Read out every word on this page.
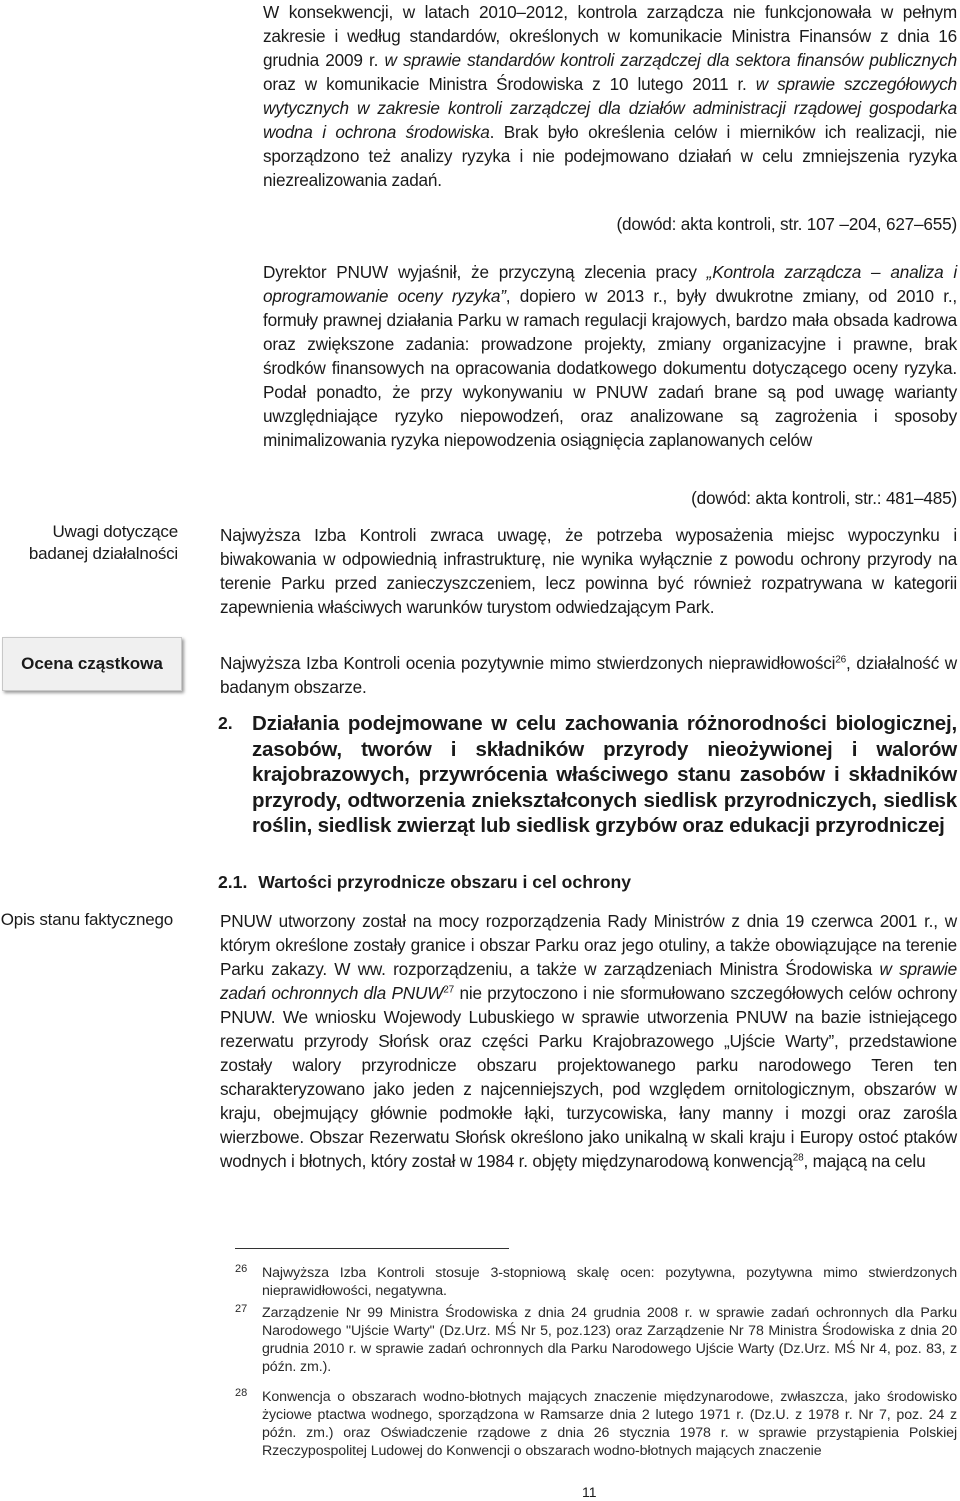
W konsekwencji, w latach 2010–2012, kontrola zarządcza nie funkcjonowała w pełnym zakresie i według standardów, określonych w komunikacie Ministra Finansów z dnia 16 grudnia 2009 r. w sprawie standardów kontroli zarządczej dla sektora finansów publicznych oraz w komunikacie Ministra Środowiska z 10 lutego 2011 r. w sprawie szczegółowych wytycznych w zakresie kontroli zarządczej dla działów administracji rządowej gospodarka wodna i ochrona środowiska. Brak było określenia celów i mierników ich realizacji, nie sporządzono też analizy ryzyka i nie podejmowano działań w celu zmniejszenia ryzyka niezrealizowania zadań.
(dowód: akta kontroli, str. 107 –204, 627–655)
Dyrektor PNUW wyjaśnił, że przyczyną zlecenia pracy „Kontrola zarządcza – analiza i oprogramowanie oceny ryzyka”, dopiero w 2013 r., były dwukrotne zmiany, od 2010 r., formuły prawnej działania Parku w ramach regulacji krajowych, bardzo mała obsada kadrowa oraz zwiększone zadania: prowadzone projekty, zmiany organizacyjne i prawne, brak środków finansowych na opracowania dodatkowego dokumentu dotyczącego oceny ryzyka. Podał ponadto, że przy wykonywaniu w PNUW zadań brane są pod uwagę warianty uwzględniające ryzyko niepowodzeń, oraz analizowane są zagrożenia i sposoby minimalizowania ryzyka niepowodzenia osiągnięcia zaplanowanych celów
(dowód: akta kontroli, str.: 481–485)
Uwagi dotyczące badanej działalności
Ocena cząstkowa
Opis stanu faktycznego
Najwyższa Izba Kontroli zwraca uwagę, że potrzeba wyposażenia miejsc wypoczynku i biwakowania w odpowiednią infrastrukturę, nie wynika wyłącznie z powodu ochrony przyrody na terenie Parku przed zanieczyszczeniem, lecz powinna być również rozpatrywana w kategorii zapewnienia właściwych warunków turystom odwiedzającym Park.
Najwyższa Izba Kontroli ocenia pozytywnie mimo stwierdzonych nieprawidłowości$^{26}$, działalność w badanym obszarze.
2. Działania podejmowane w celu zachowania różnorodności biologicznej, zasobów, tworów i składników przyrody nieożywionej i walorów krajobrazowych, przywrócenia właściwego stanu zasobów i składników przyrody, odtworzenia zniekształconych siedlisk przyrodniczych, siedlisk roślin, siedlisk zwierząt lub siedlisk grzybów oraz edukacji przyrodniczej
2.1. Wartości przyrodnicze obszaru i cel ochrony
PNUW utworzony został na mocy rozporządzenia Rady Ministrów z dnia 19 czerwca 2001 r., w którym określone zostały granice i obszar Parku oraz jego otuliny, a także obowiązujące na terenie Parku zakazy. W ww. rozporządzeniu, a także w zarządzeniach Ministra Środowiska w sprawie zadań ochronnych dla PNUW$^{27}$ nie przytoczono i nie sformułowano szczegółowych celów ochrony PNUW. We wniosku Wojewody Lubuskiego w sprawie utworzenia PNUW na bazie istniejącego rezerwatu przyrody Słońsk oraz części Parku Krajobrazowego „Ujście Warty”, przedstawione zostały walory przyrodnicze obszaru projektowanego parku narodowego Teren ten scharakteryzowano jako jeden z najcenniejszych, pod względem ornitologicznym, obszarów w kraju, obejmujący głównie podmokłe łąki, turzycowiska, łany manny i mozgi oraz zarośla wierzbowe. Obszar Rezerwatu Słońsk określono jako unikalną w skali kraju i Europy ostoć ptaków wodnych i błotnych, który został w 1984 r. objęty międzynarodową konwencją$^{28}$, mającą na celu
26 Najwyższa Izba Kontroli stosuje 3-stopniową skalę ocen: pozytywna, pozytywna mimo stwierdzonych nieprawidłowości, negatywna.
27 Zarządzenie Nr 99 Ministra Środowiska z dnia 24 grudnia 2008 r. w sprawie zadań ochronnych dla Parku Narodowego "Ujście Warty" (Dz.Urz. MŚ Nr 5, poz.123) oraz Zarządzenie Nr 78 Ministra Środowiska z dnia 20 grudnia 2010 r. w sprawie zadań ochronnych dla Parku Narodowego Ujście Warty (Dz.Urz. MŚ Nr 4, poz. 83, z późn. zm.).
28 Konwencja o obszarach wodno-błotnych mających znaczenie międzynarodowe, zwłaszcza, jako środowisko życiowe ptactwa wodnego, sporządzona w Ramsarze dnia 2 lutego 1971 r. (Dz.U. z 1978 r. Nr 7, poz. 24 z późn. zm.) oraz Oświadczenie rządowe z dnia 26 stycznia 1978 r. w sprawie przystąpienia Polskiej Rzeczypospolitej Ludowej do Konwencji o obszarach wodno-błotnych mających znaczenie
11
